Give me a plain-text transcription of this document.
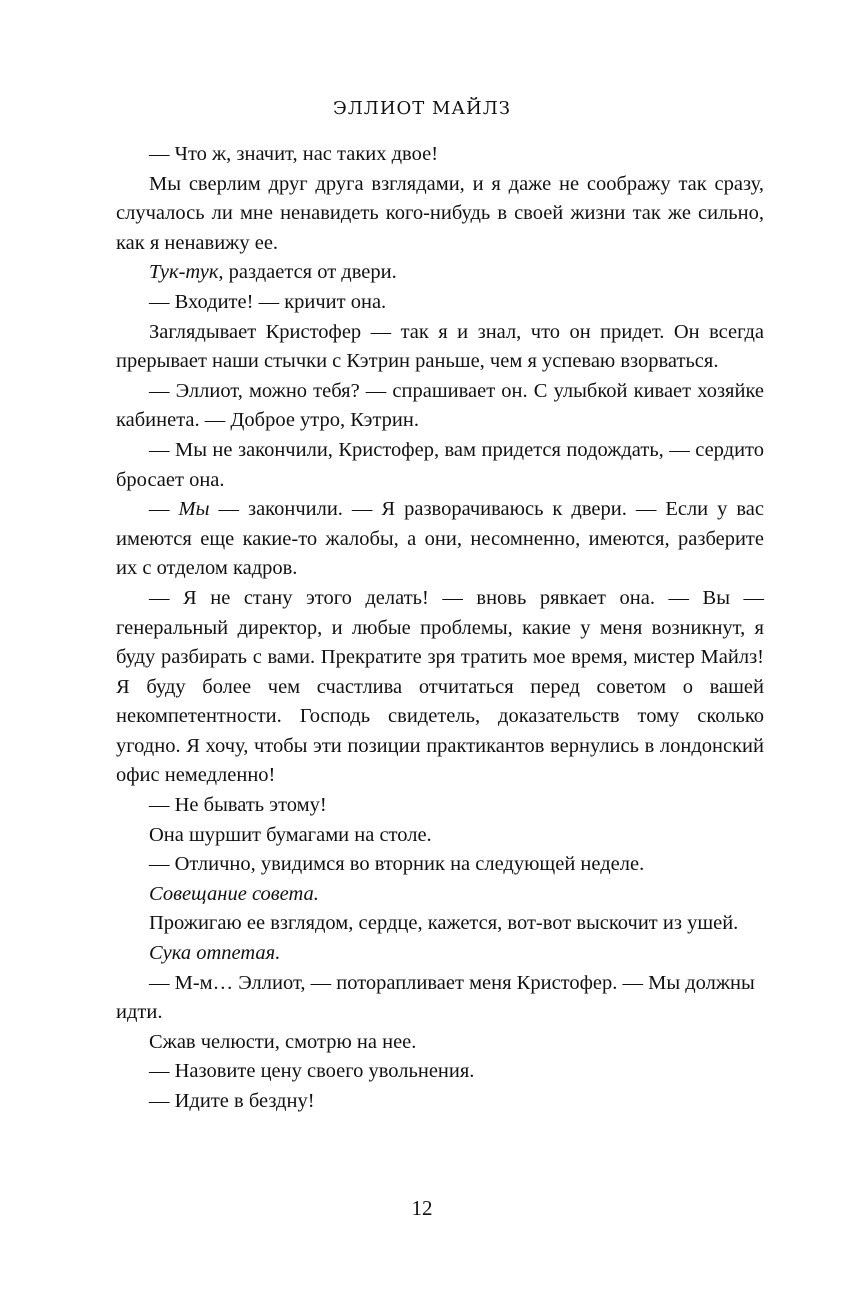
ЭЛЛИОТ МАЙЛЗ

— Что ж, значит, нас таких двое!

Мы сверлим друг друга взглядами, и я даже не соображу так сразу, случалось ли мне ненавидеть кого-нибудь в своей жизни так же сильно, как я ненавижу ее.

Тук-тук, раздается от двери.

— Входите! — кричит она.

Заглядывает Кристофер — так я и знал, что он придет. Он всегда прерывает наши стычки с Кэтрин раньше, чем я успеваю взорваться.

— Эллиот, можно тебя? — спрашивает он. С улыбкой кивает хозяйке кабинета. — Доброе утро, Кэтрин.

— Мы не закончили, Кристофер, вам придется подождать, — сердито бросает она.

— Мы — закончили. — Я разворачиваюсь к двери. — Если у вас имеются еще какие-то жалобы, а они, несомненно, имеются, разберите их с отделом кадров.

— Я не стану этого делать! — вновь рявкает она. — Вы — генеральный директор, и любые проблемы, какие у меня возникнут, я буду разбирать с вами. Прекратите зря тратить мое время, мистер Майлз! Я буду более чем счастлива отчитаться перед советом о вашей некомпетентности. Господь свидетель, доказательств тому сколько угодно. Я хочу, чтобы эти позиции практикантов вернулись в лондонский офис немедленно!

— Не бывать этому!

Она шуршит бумагами на столе.

— Отлично, увидимся во вторник на следующей неделе.

Совещание совета.

Прожигаю ее взглядом, сердце, кажется, вот-вот выскочит из ушей.

Сука отпетая.

— М-м… Эллиот, — поторапливает меня Кристофер. — Мы должны идти.

Сжав челюсти, смотрю на нее.

— Назовите цену своего увольнения.

— Идите в бездну!

12
